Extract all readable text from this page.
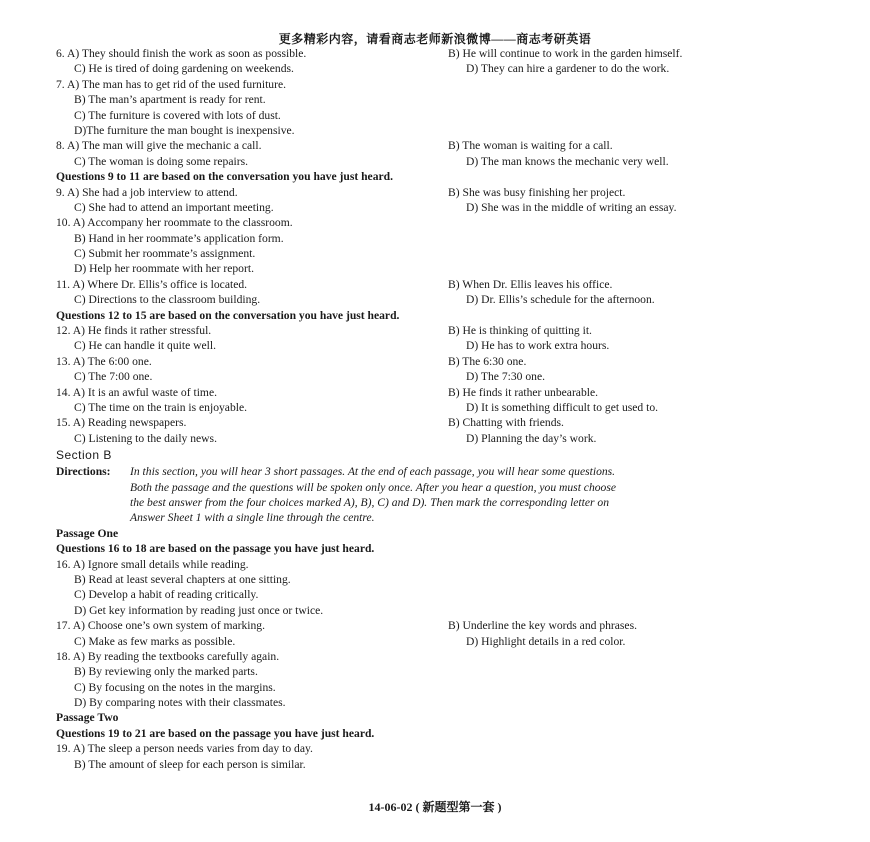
更多精彩内容，请看商志老师新浪微博——商志考研英语
6. A) They should finish the work as soon as possible.	B) He will continue to work in the garden himself.
C) He is tired of doing gardening on weekends.	D) They can hire a gardener to do the work.
7. A) The man has to get rid of the used furniture.
B) The man’s apartment is ready for rent.
C) The furniture is covered with lots of dust.
D)The furniture the man bought is inexpensive.
8. A) The man will give the mechanic a call.	B) The woman is waiting for a call.
C) The woman is doing some repairs.	D) The man knows the mechanic very well.
Questions 9 to 11 are based on the conversation you have just heard.
9. A) She had a job interview to attend.	B) She was busy finishing her project.
C) She had to attend an important meeting.	D) She was in the middle of writing an essay.
10. A) Accompany her roommate to the classroom.
B) Hand in her roommate’s application form.
C) Submit her roommate’s assignment.
D) Help her roommate with her report.
11. A) Where Dr. Ellis’s office is located.	B) When Dr. Ellis leaves his office.
C) Directions to the classroom building.	D) Dr. Ellis’s schedule for the afternoon.
Questions 12 to 15 are based on the conversation you have just heard.
12. A) He finds it rather stressful.	B) He is thinking of quitting it.
C) He can handle it quite well.	D) He has to work extra hours.
13. A) The 6:00 one.	B) The 6:30 one.
C) The 7:00 one.	D) The 7:30 one.
14. A) It is an awful waste of time.	B) He finds it rather unbearable.
C) The time on the train is enjoyable.	D) It is something difficult to get used to.
15. A) Reading newspapers.	B) Chatting with friends.
C) Listening to the daily news.	D) Planning the day’s work.
Section B
Directions:	In this section, you will hear 3 short passages. At the end of each passage, you will hear some questions.
Both the passage and the questions will be spoken only once. After you hear a question, you must choose
the best answer from the four choices marked A), B), C) and D). Then mark the corresponding letter on
Answer Sheet 1 with a single line through the centre.
Passage One
Questions 16 to 18 are based on the passage you have just heard.
16. A) Ignore small details while reading.
B) Read at least several chapters at one sitting.
C) Develop a habit of reading critically.
D) Get key information by reading just once or twice.
17. A) Choose one’s own system of marking.	B) Underline the key words and phrases.
C) Make as few marks as possible.	D) Highlight details in a red color.
18. A) By reading the textbooks carefully again.
B) By reviewing only the marked parts.
C) By focusing on the notes in the margins.
D) By comparing notes with their classmates.
Passage Two
Questions 19 to 21 are based on the passage you have just heard.
19. A) The sleep a person needs varies from day to day.
B) The amount of sleep for each person is similar.
14-06-02 ( 新题型第一套 )
